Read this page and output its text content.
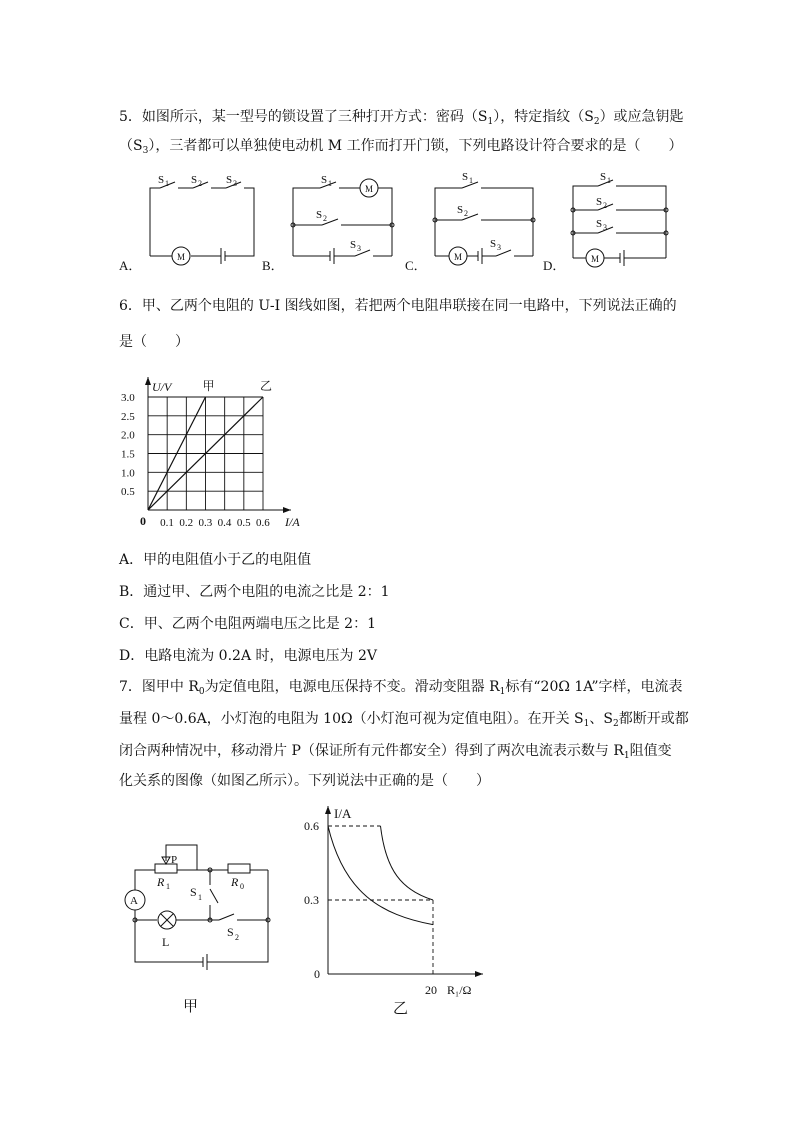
5．如图所示，某一型号的锁设置了三种打开方式：密码$(S_1)$，特定指纹$(S_2)$或应急钥匙
$(S_3)$，三者都可以单独使电动机 M 工作而打开门锁，下列电路设计符合要求的是（　　）
A．
M
S 1 S 2 S 3
B．
M
S 1
S 2
S 3
C．
M
S 1
S 2
S 3
D．	M
S 1
S 2
S 3
6．甲、乙两个电阻的 U-I 图线如图，若把两个电阻串联接在同一电路中，下列说法正确的
是（　　）
0.1 0.2 0.3 0.4 0.5 0.6
0.5
1.0
1.5
2.0
2.5
3.0
0	I/A
U/V	甲	乙
A．甲的电阻值小于乙的电阻值
B．通过甲、乙两个电阻的电流之比是 2：1
C．甲、乙两个电阻两端电压之比是 2：1
D．电路电流为 0.2A 时，电源电压为 2V
7．图甲中 $R_0$为定值电阻，电源电压保持不变。滑动变阻器 $R_1$标有“20Ω 1A”字样，电流表
量程 0～0.6A，小灯泡的电阻为 10Ω（小灯泡可视为定值电阻）。在开关 $S_1$、$S_2$都断开或都
闭合两种情况中，移动滑片 P（保证所有元件都安全）得到了两次电流表示数与 $R_1$阻值变
化关系的图像（如图乙所示）。下列说法中正确的是（　　）
P
R 1	R 0
S 1
A
L
S 2
甲
0.6
0.3
20
0
I/A
R₁/Ω
乙
